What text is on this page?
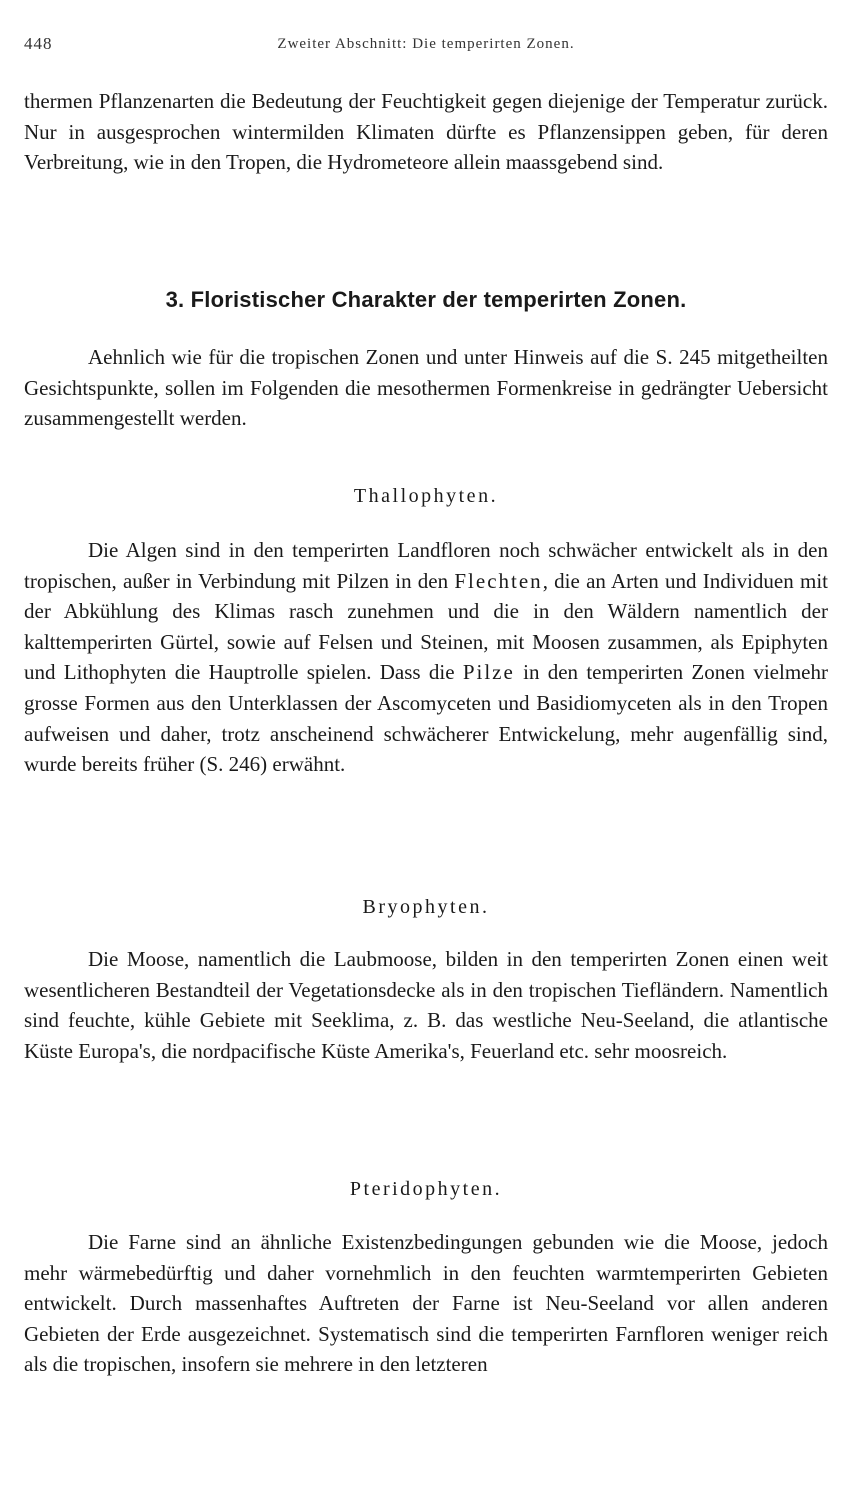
448	Zweiter Abschnitt: Die temperirten Zonen.

thermen Pflanzenarten die Bedeutung der Feuchtigkeit gegen diejenige der Temperatur zurück. Nur in ausgesprochen wintermilden Klimaten dürfte es Pflanzensippen geben, für deren Verbreitung, wie in den Tropen, die Hydrometeore allein maassgebend sind.

3. Floristischer Charakter der temperirten Zonen.

Aehnlich wie für die tropischen Zonen und unter Hinweis auf die S. 245 mitgetheilten Gesichtspunkte, sollen im Folgenden die mesothermen Formenkreise in gedrängter Uebersicht zusammengestellt werden.

Thallophyten.

Die Algen sind in den temperirten Landfloren noch schwächer entwickelt als in den tropischen, außer in Verbindung mit Pilzen in den Flechten, die an Arten und Individuen mit der Abkühlung des Klimas rasch zunehmen und die in den Wäldern namentlich der kalttemperirten Gürtel, sowie auf Felsen und Steinen, mit Moosen zusammen, als Epiphyten und Lithophyten die Hauptrolle spielen. Dass die Pilze in den temperirten Zonen vielmehr grosse Formen aus den Unterklassen der Ascomyceten und Basidiomyceten als in den Tropen aufweisen und daher, trotz anscheinend schwächerer Entwickelung, mehr augenfällig sind, wurde bereits früher (S. 246) erwähnt.

Bryophyten.

Die Moose, namentlich die Laubmoose, bilden in den temperirten Zonen einen weit wesentlicheren Bestandteil der Vegetationsdecke als in den tropischen Tiefländern. Namentlich sind feuchte, kühle Gebiete mit Seeklima, z. B. das westliche Neu-Seeland, die atlantische Küste Europa's, die nordpacifische Küste Amerika's, Feuerland etc. sehr moosreich.

Pteridophyten.

Die Farne sind an ähnliche Existenzbedingungen gebunden wie die Moose, jedoch mehr wärmebedürftig und daher vornehmlich in den feuchten warmtemperirten Gebieten entwickelt. Durch massenhaftes Auftreten der Farne ist Neu-Seeland vor allen anderen Gebieten der Erde ausgezeichnet. Systematisch sind die temperirten Farnfloren weniger reich als die tropischen, insofern sie mehrere in den letzteren
